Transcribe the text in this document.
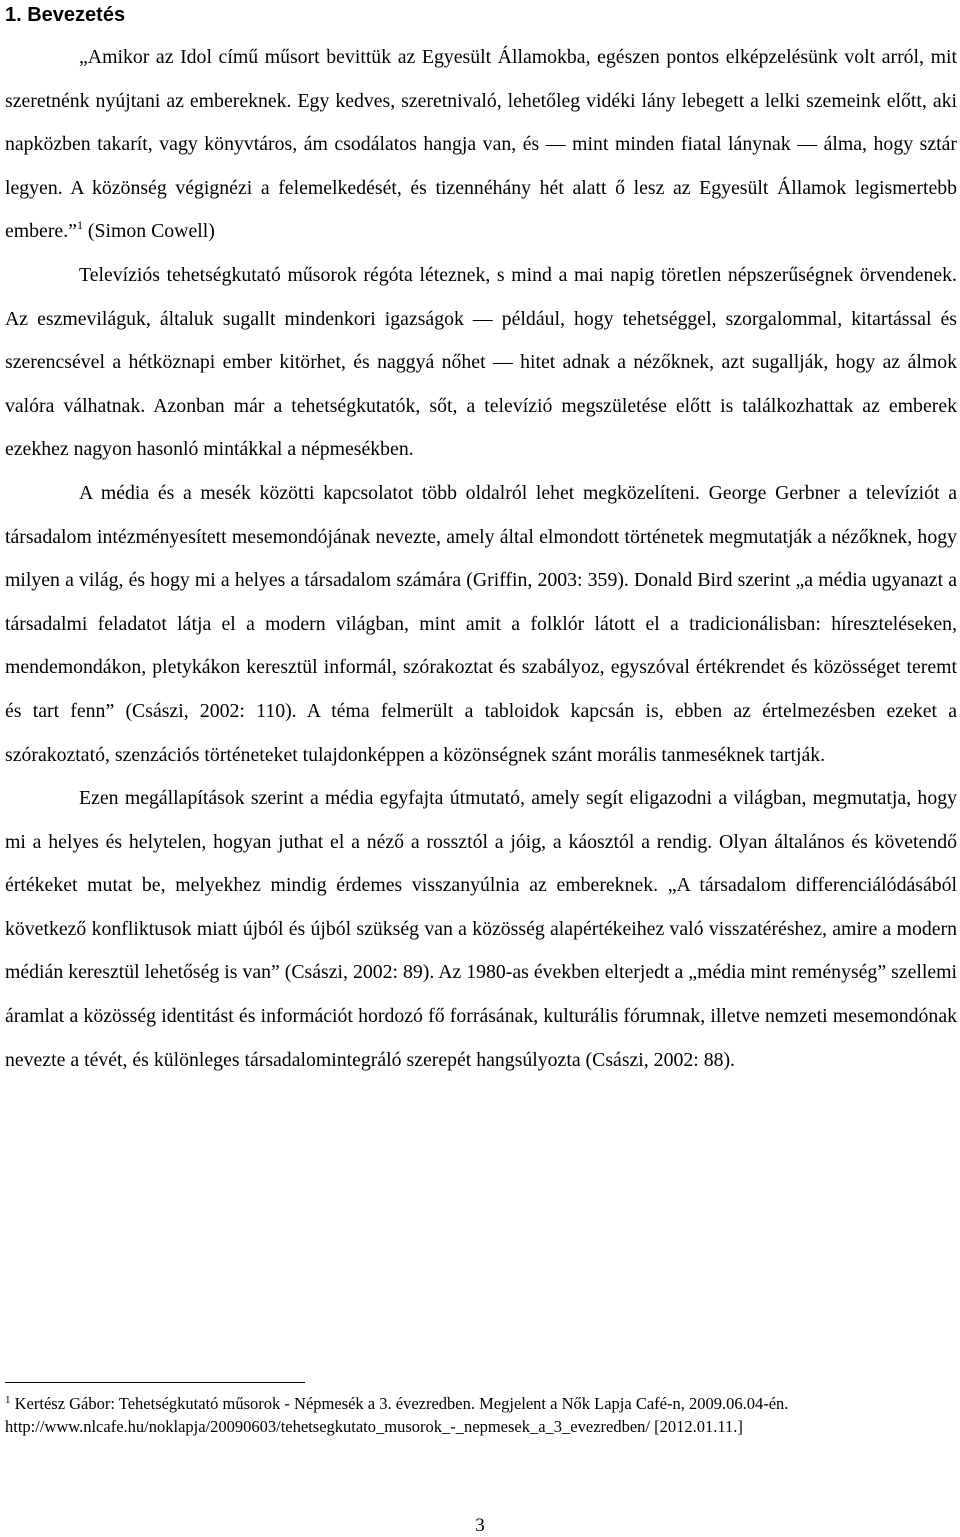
1. Bevezetés

„Amikor az Idol című műsort bevittük az Egyesült Államokba, egészen pontos elképzelésünk volt arról, mit szeretnénk nyújtani az embereknek. Egy kedves, szeretnivaló, lehetőleg vidéki lány lebegett a lelki szemeink előtt, aki napközben takarít, vagy könyvtáros, ám csodálatos hangja van, és — mint minden fiatal lánynak — álma, hogy sztár legyen. A közönség végignézi a felemelkedését, és tizennéhány hét alatt ő lesz az Egyesült Államok legismertebb embere.”$^1$ (Simon Cowell)

Televíziós tehetségkutató műsorok régóta léteznek, s mind a mai napig töretlen népszerűségnek örvendenek. Az eszmeviláguk, általuk sugallt mindenkori igazságok — például, hogy tehetséggel, szorgalommal, kitartással és szerencsével a hétköznapi ember kitörhet, és naggyá nőhet — hitet adnak a nézőknek, azt sugallják, hogy az álmok valóra válhatnak. Azonban már a tehetségkutatók, sőt, a televízió megszületése előtt is találkozhattak az emberek ezekhez nagyon hasonló mintákkal a népmesékben.

A média és a mesék közötti kapcsolatot több oldalról lehet megközelíteni. George Gerbner a televíziót a társadalom intézményesített mesemondójának nevezte, amely által elmondott történetek megmutatják a nézőknek, hogy milyen a világ, és hogy mi a helyes a társadalom számára (Griffin, 2003: 359). Donald Bird szerint „a média ugyanazt a társadalmi feladatot látja el a modern világban, mint amit a folklór látott el a tradicionálisban: híreszteléseken, mendemondákon, pletykákon keresztül informál, szórakoztat és szabályoz, egyszóval értékrendet és közösséget teremt és tart fenn” (Császi, 2002: 110). A téma felmerült a tabloidok kapcsán is, ebben az értelmezésben ezeket a szórakoztató, szenzációs történeteket tulajdonképpen a közönségnek szánt morális tanmeséknek tartják.

Ezen megállapítások szerint a média egyfajta útmutató, amely segít eligazodni a világban, megmutatja, hogy mi a helyes és helytelen, hogyan juthat el a néző a rossztól a jóig, a káosztól a rendig. Olyan általános és követendő értékeket mutat be, melyekhez mindig érdemes visszanyúlnia az embereknek. „A társadalom differenciálódásából következő konfliktusok miatt újból és újból szükség van a közösség alapértékeihez való visszatéréshez, amire a modern médián keresztül lehetőség is van” (Császi, 2002: 89). Az 1980-as években elterjedt a „média mint reménység” szellemi áramlat a közösség identitást és információt hordozó fő forrásának, kulturális fórumnak, illetve nemzeti mesemondónak nevezte a tévét, és különleges társadalomintegráló szerepét hangsúlyozta (Császi, 2002: 88).

$^1$ Kertész Gábor: Tehetségkutató műsorok - Népmesék a 3. évezredben. Megjelent a Nők Lapja Café-n, 2009.06.04-én. http://www.nlcafe.hu/noklapja/20090603/tehetsegkutato_musorok_-_nepmesek_a_3_evezredben/ [2012.01.11.]
3
